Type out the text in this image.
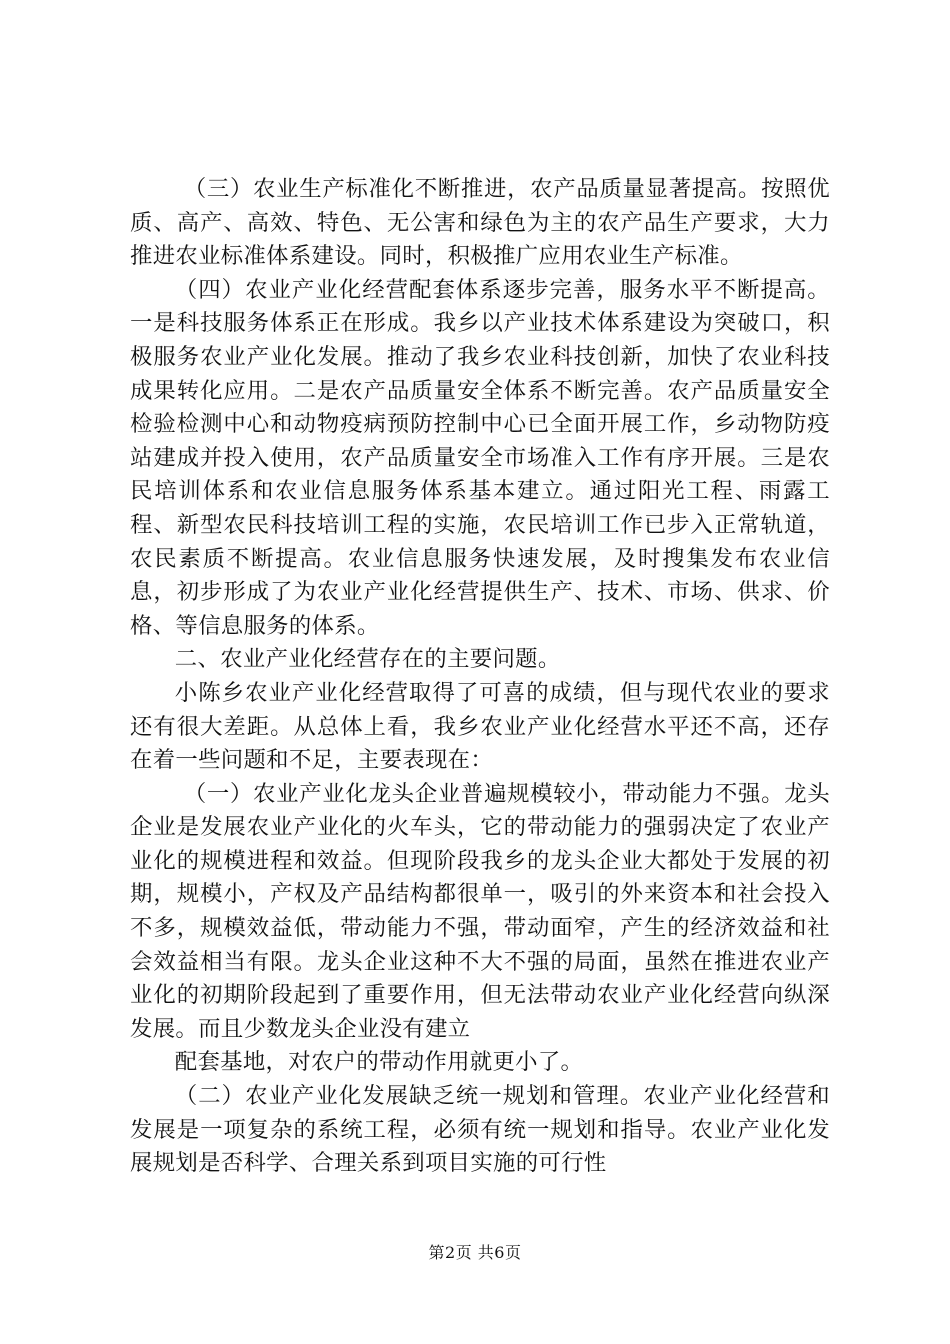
（三）农业生产标准化不断推进，农产品质量显著提高。按照优质、高产、高效、特色、无公害和绿色为主的农产品生产要求，大力推进农业标准体系建设。同时，积极推广应用农业生产标准。

（四）农业产业化经营配套体系逐步完善，服务水平不断提高。一是科技服务体系正在形成。我乡以产业技术体系建设为突破口，积极服务农业产业化发展。推动了我乡农业科技创新，加快了农业科技成果转化应用。二是农产品质量安全体系不断完善。农产品质量安全检验检测中心和动物疫病预防控制中心已全面开展工作，乡动物防疫站建成并投入使用，农产品质量安全市场准入工作有序开展。三是农民培训体系和农业信息服务体系基本建立。通过阳光工程、雨露工程、新型农民科技培训工程的实施，农民培训工作已步入正常轨道，农民素质不断提高。农业信息服务快速发展，及时搜集发布农业信息，初步形成了为农业产业化经营提供生产、技术、市场、供求、价格、等信息服务的体系。

二、农业产业化经营存在的主要问题。

小陈乡农业产业化经营取得了可喜的成绩，但与现代农业的要求还有很大差距。从总体上看，我乡农业产业化经营水平还不高，还存在着一些问题和不足，主要表现在：

（一）农业产业化龙头企业普遍规模较小，带动能力不强。龙头企业是发展农业产业化的火车头，它的带动能力的强弱决定了农业产业化的规模进程和效益。但现阶段我乡的龙头企业大都处于发展的初期，规模小，产权及产品结构都很单一，吸引的外来资本和社会投入不多，规模效益低，带动能力不强，带动面窄，产生的经济效益和社会效益相当有限。龙头企业这种不大不强的局面，虽然在推进农业产业化的初期阶段起到了重要作用，但无法带动农业产业化经营向纵深发展。而且少数龙头企业没有建立

配套基地，对农户的带动作用就更小了。

（二）农业产业化发展缺乏统一规划和管理。农业产业化经营和发展是一项复杂的系统工程，必须有统一规划和指导。农业产业化发展规划是否科学、合理关系到项目实施的可行性

第2页 共6页
